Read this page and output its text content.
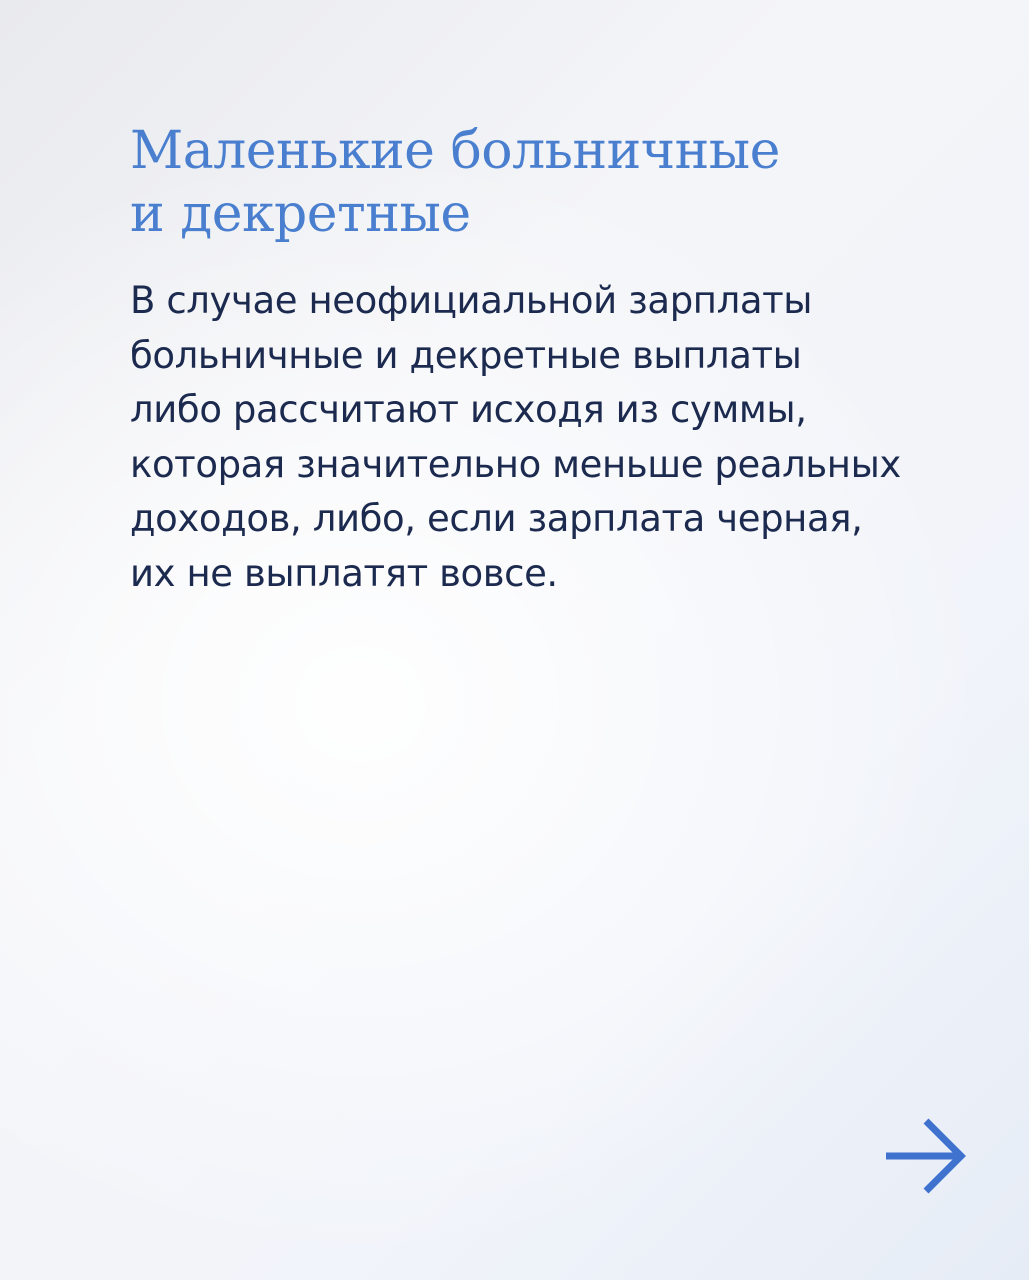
Маленькие больничные
и декретные

В случае неофициальной зарплаты
больничные и декретные выплаты
либо рассчитают исходя из суммы,
которая значительно меньше реальных
доходов, либо, если зарплата черная,
их не выплатят вовсе.
